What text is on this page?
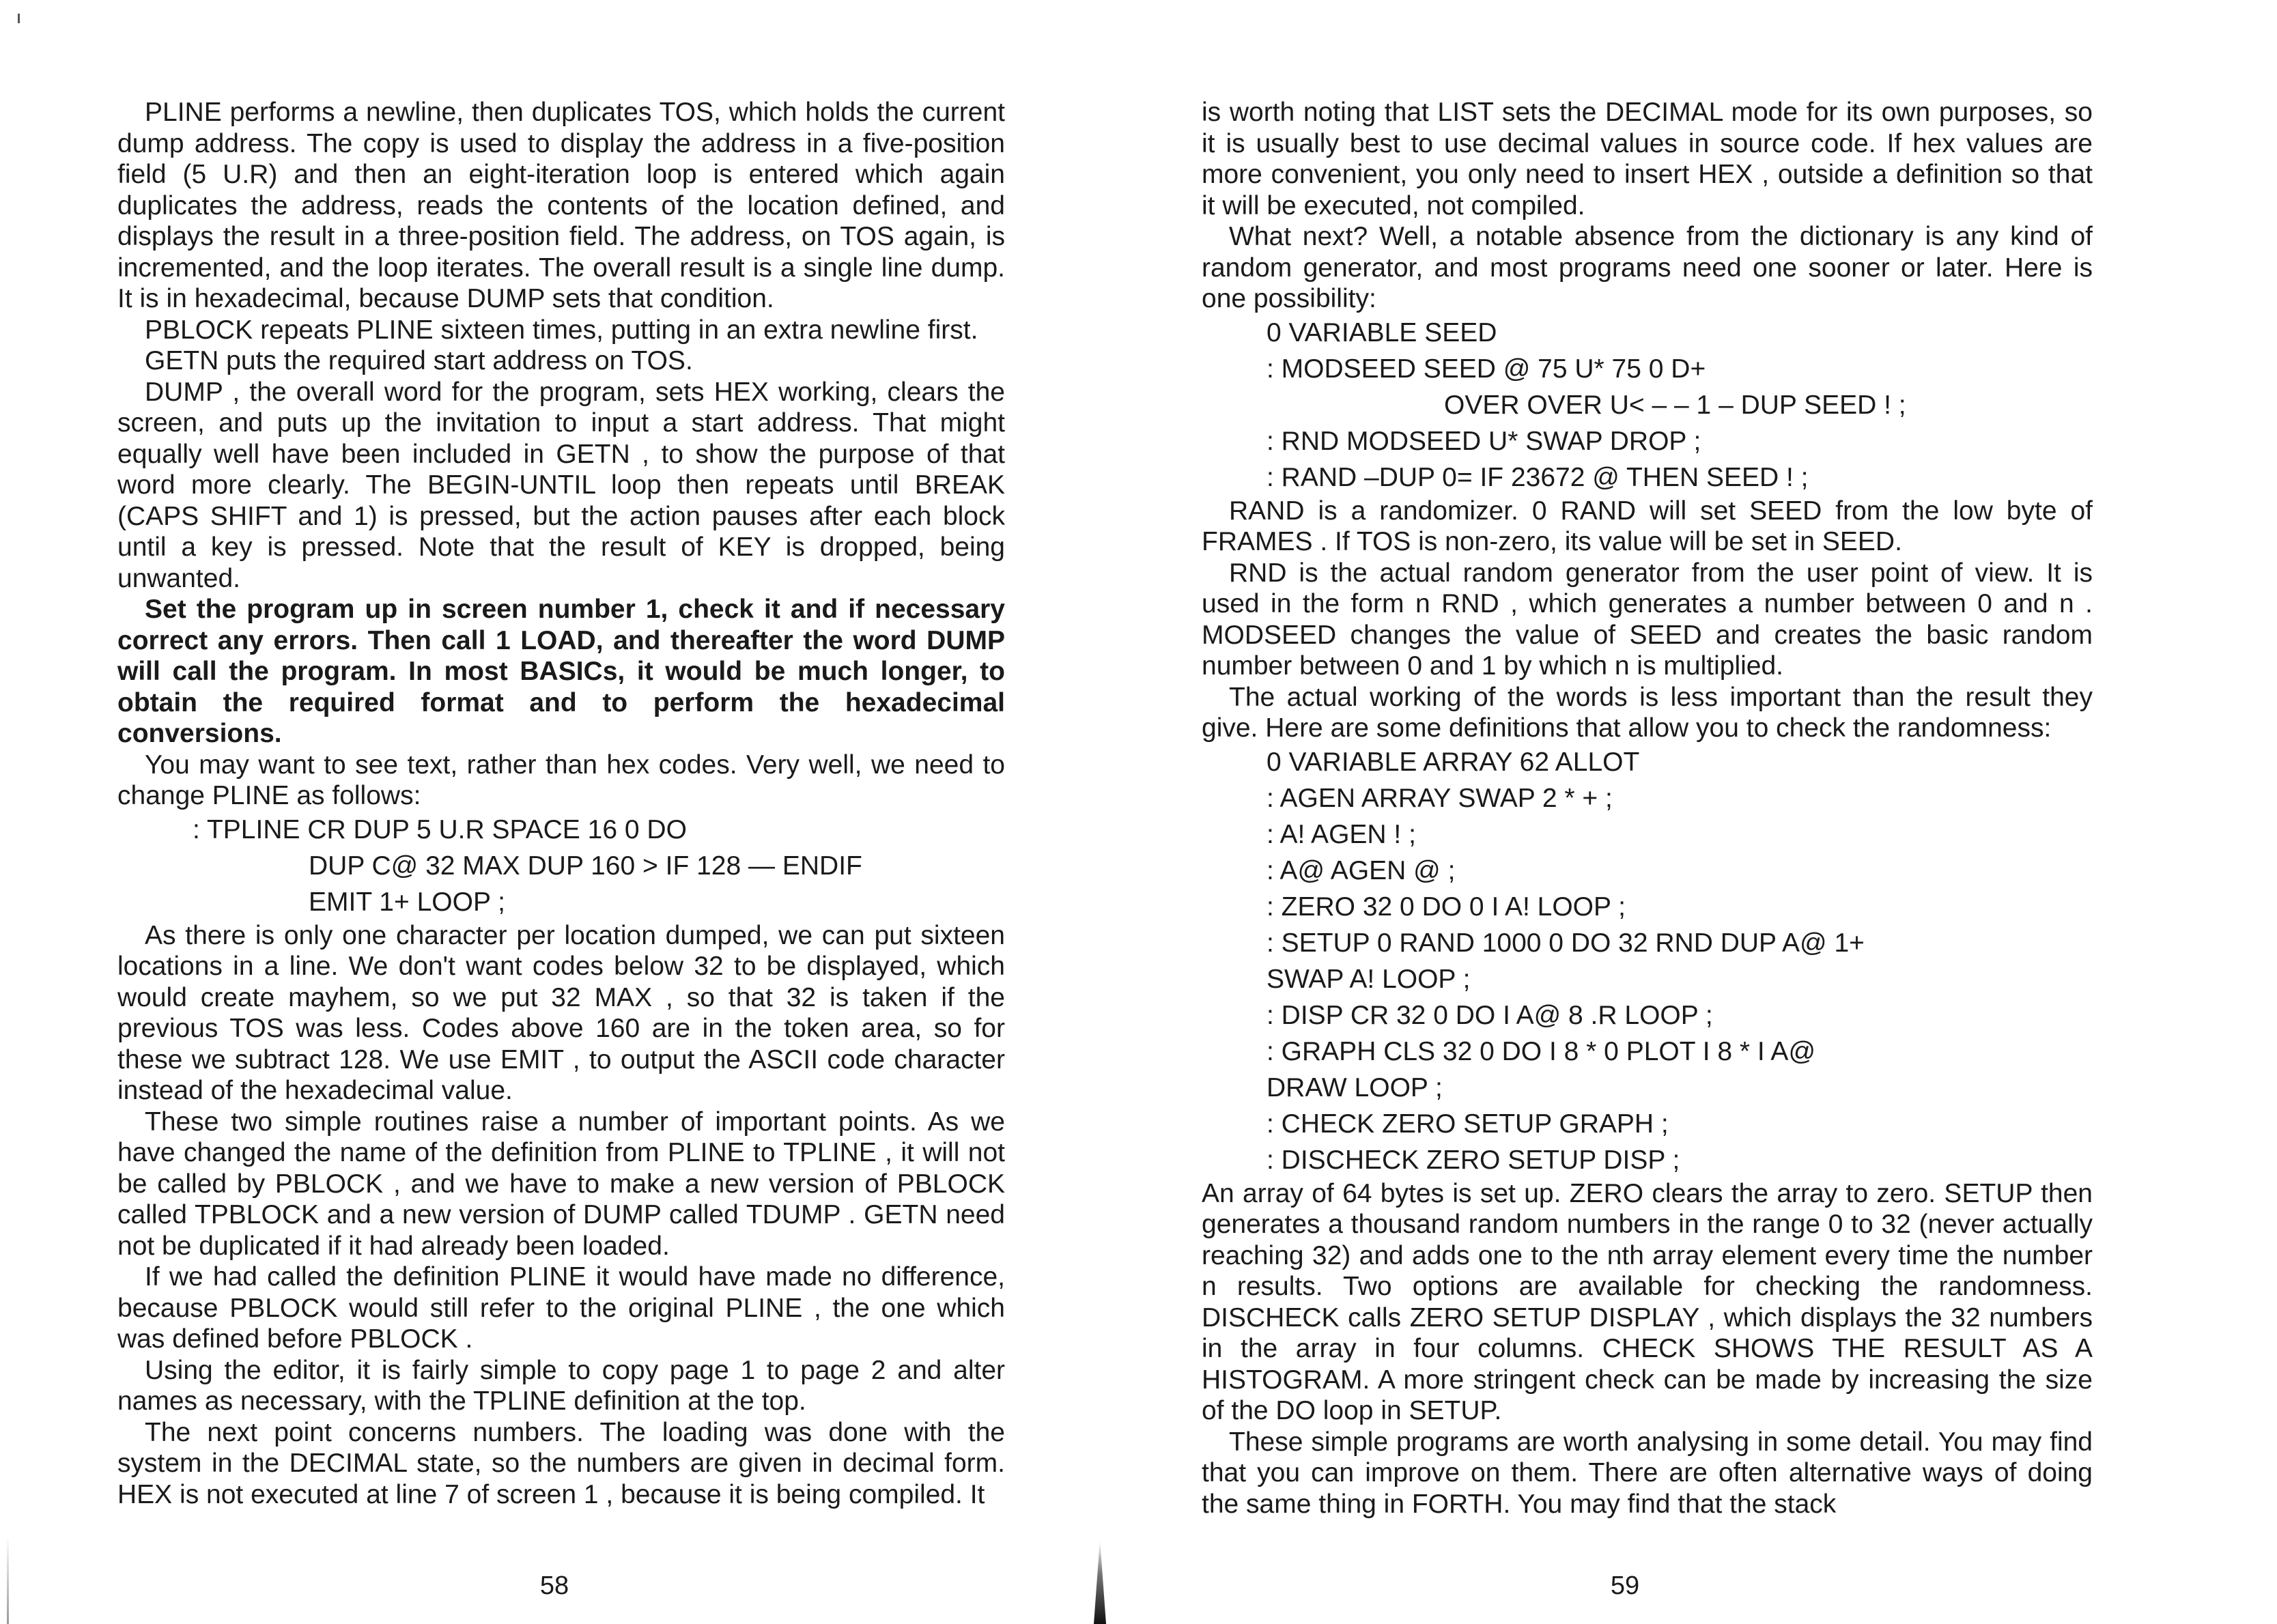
PLINE performs a newline, then duplicates TOS, which holds the current dump address. The copy is used to display the address in a five-position field (5 U.R) and then an eight-iteration loop is entered which again duplicates the address, reads the contents of the location defined, and displays the result in a three-position field. The address, on TOS again, is incremented, and the loop iterates. The overall result is a single line dump. It is in hexadecimal, because DUMP sets that condition.

PBLOCK repeats PLINE sixteen times, putting in an extra newline first.

GETN puts the required start address on TOS.

DUMP , the overall word for the program, sets HEX working, clears the screen, and puts up the invitation to input a start address. That might equally well have been included in GETN , to show the purpose of that word more clearly. The BEGIN-UNTIL loop then repeats until BREAK (CAPS SHIFT and 1) is pressed, but the action pauses after each block until a key is pressed. Note that the result of KEY is dropped, being unwanted.

Set the program up in screen number 1, check it and if necessary correct any errors. Then call 1 LOAD, and thereafter the word DUMP will call the program. In most BASICs, it would be much longer, to obtain the required format and to perform the hexadecimal conversions.

You may want to see text, rather than hex codes. Very well, we need to change PLINE as follows:

: TPLINE CR DUP 5 U.R SPACE 16 0 DO

DUP C@ 32 MAX DUP 160 > IF 128 — ENDIF

EMIT 1+ LOOP ;

As there is only one character per location dumped, we can put sixteen locations in a line. We don't want codes below 32 to be displayed, which would create mayhem, so we put 32 MAX , so that 32 is taken if the previous TOS was less. Codes above 160 are in the token area, so for these we subtract 128. We use EMIT , to output the ASCII code character instead of the hexadecimal value.

These two simple routines raise a number of important points. As we have changed the name of the definition from PLINE to TPLINE , it will not be called by PBLOCK , and we have to make a new version of PBLOCK called TPBLOCK and a new version of DUMP called TDUMP . GETN need not be duplicated if it had already been loaded.

If we had called the definition PLINE it would have made no difference, because PBLOCK would still refer to the original PLINE , the one which was defined before PBLOCK .

Using the editor, it is fairly simple to copy page 1 to page 2 and alter names as necessary, with the TPLINE definition at the top.

The next point concerns numbers. The loading was done with the system in the DECIMAL state, so the numbers are given in decimal form. HEX is not executed at line 7 of screen 1 , because it is being compiled. It

58

is worth noting that LIST sets the DECIMAL mode for its own purposes, so it is usually best to use decimal values in source code. If hex values are more convenient, you only need to insert HEX , outside a definition so that it will be executed, not compiled.

What next? Well, a notable absence from the dictionary is any kind of random generator, and most programs need one sooner or later. Here is one possibility:

0 VARIABLE SEED

: MODSEED SEED @ 75 U* 75 0 D+

OVER OVER U< – – 1 – DUP SEED ! ;

: RND MODSEED U* SWAP DROP ;

: RAND –DUP 0= IF 23672 @ THEN SEED ! ;

RAND is a randomizer. 0 RAND will set SEED from the low byte of FRAMES . If TOS is non-zero, its value will be set in SEED.

RND is the actual random generator from the user point of view. It is used in the form n RND , which generates a number between 0 and n . MODSEED changes the value of SEED and creates the basic random number between 0 and 1 by which n is multiplied.

The actual working of the words is less important than the result they give. Here are some definitions that allow you to check the randomness:

0 VARIABLE ARRAY 62 ALLOT

: AGEN ARRAY SWAP 2 * + ;

: A! AGEN ! ;

: A@ AGEN @ ;

: ZERO 32 0 DO 0 I A! LOOP ;

: SETUP 0 RAND 1000 0 DO 32 RND DUP A@ 1+

SWAP A! LOOP ;

: DISP CR 32 0 DO I A@ 8 .R LOOP ;

: GRAPH CLS 32 0 DO I 8 * 0 PLOT I 8 * I A@

DRAW LOOP ;

: CHECK ZERO SETUP GRAPH ;

: DISCHECK ZERO SETUP DISP ;

An array of 64 bytes is set up. ZERO clears the array to zero. SETUP then generates a thousand random numbers in the range 0 to 32 (never actually reaching 32) and adds one to the nth array element every time the number n results. Two options are available for checking the randomness. DISCHECK calls ZERO SETUP DISPLAY , which displays the 32 numbers in the array in four columns. CHECK SHOWS THE RESULT AS A HISTOGRAM. A more stringent check can be made by increasing the size of the DO loop in SETUP.

These simple programs are worth analysing in some detail. You may find that you can improve on them. There are often alternative ways of doing the same thing in FORTH. You may find that the stack

59
